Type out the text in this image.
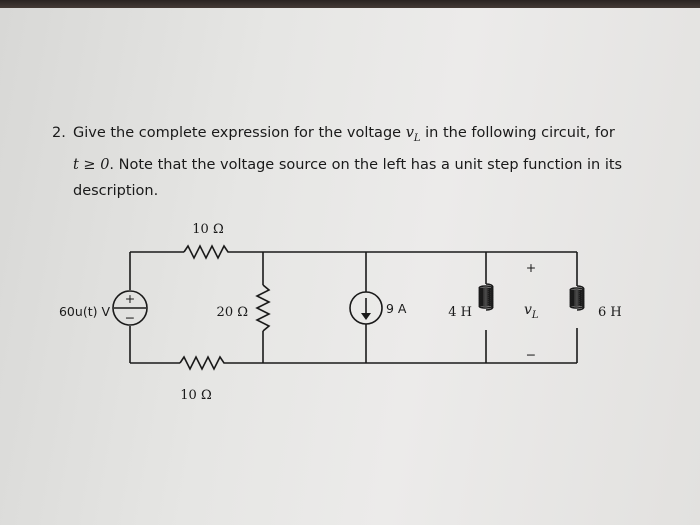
2. Give the complete expression for the voltage $v_L$ in the following circuit, for
t ≥ 0. Note that the voltage source on the left has a unit step function in its
description.
+
−
60u(t) V
10 Ω
10 Ω
20 Ω	9 A	4 H
+
$v_L$
−
6 H
